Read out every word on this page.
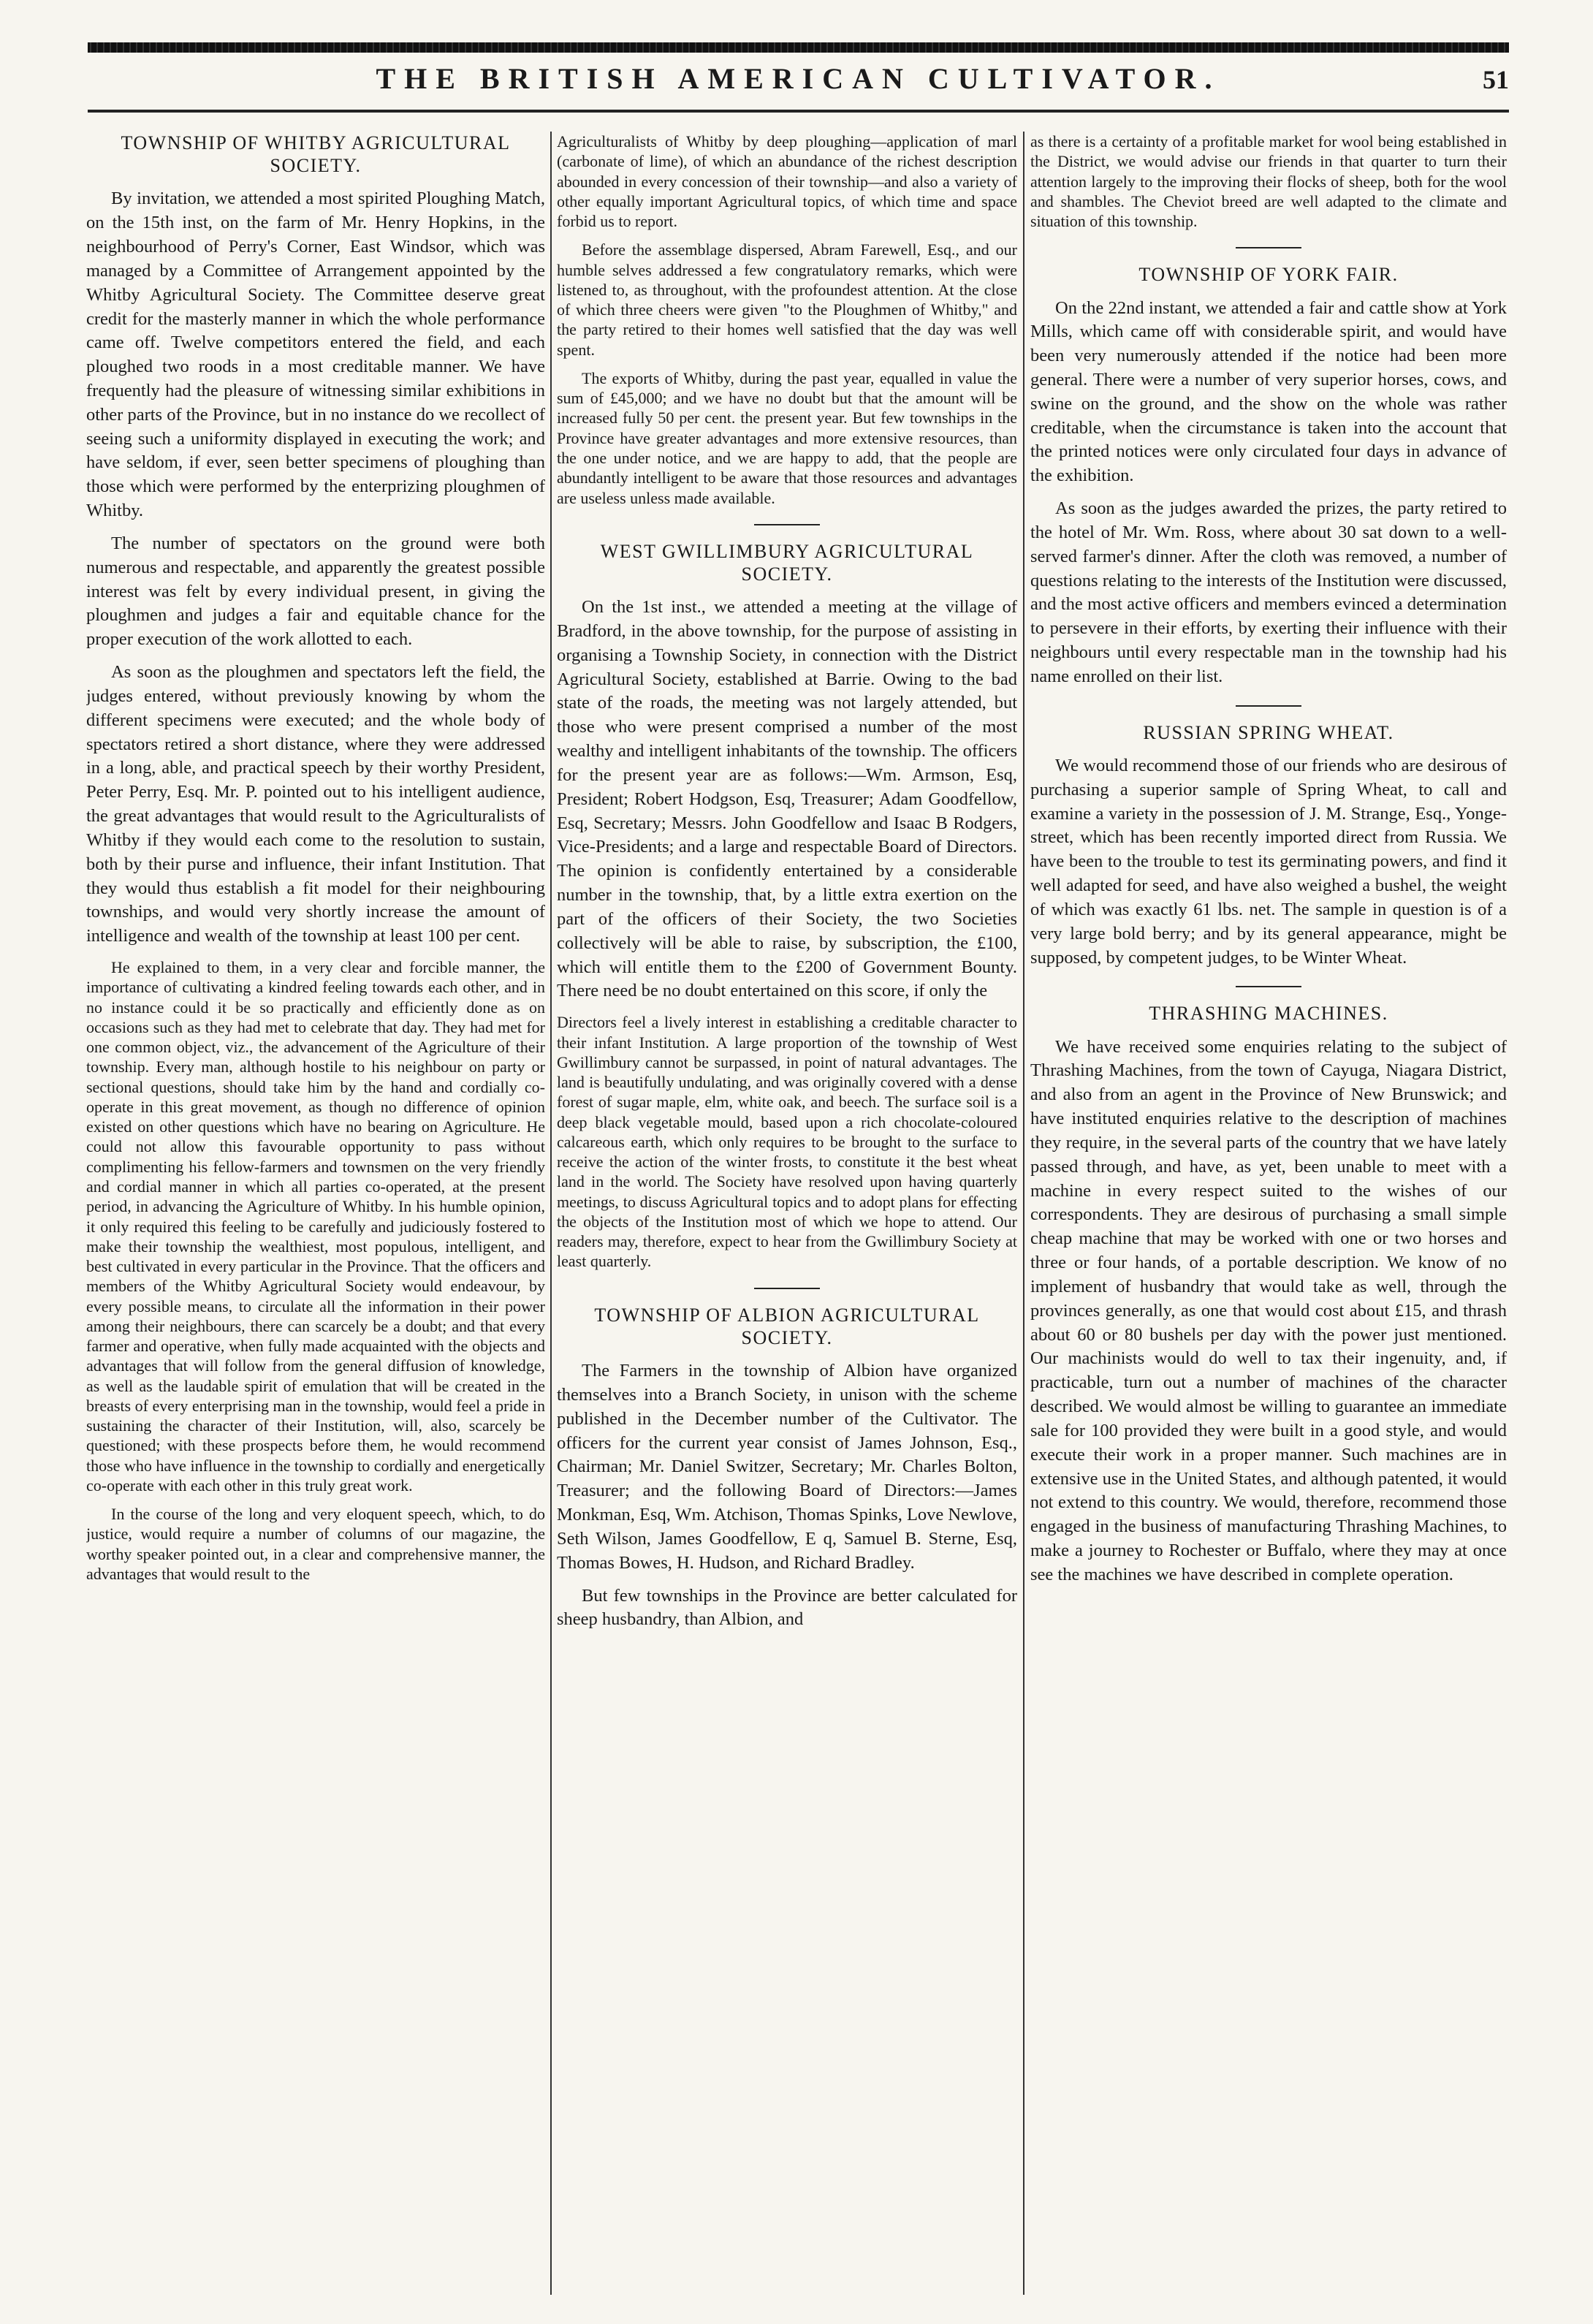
THE BRITISH AMERICAN CULTIVATOR.	51
TOWNSHIP OF WHITBY AGRICULTURAL SOCIETY.

By invitation, we attended a most spirited Ploughing Match, on the 15th inst, on the farm of Mr. Henry Hopkins, in the neighbourhood of Perry's Corner, East Windsor, which was managed by a Committee of Arrangement appointed by the Whitby Agricultural Society. The Committee deserve great credit for the masterly manner in which the whole performance came off. Twelve competitors entered the field, and each ploughed two roods in a most creditable manner. We have frequently had the pleasure of witnessing similar exhibitions in other parts of the Province, but in no instance do we recollect of seeing such a uniformity displayed in executing the work; and have seldom, if ever, seen better specimens of ploughing than those which were performed by the enterprizing ploughmen of Whitby.

The number of spectators on the ground were both numerous and respectable, and apparently the greatest possible interest was felt by every individual present, in giving the ploughmen and judges a fair and equitable chance for the proper execution of the work allotted to each.

As soon as the ploughmen and spectators left the field, the judges entered, without previously knowing by whom the different specimens were executed; and the whole body of spectators retired a short distance, where they were addressed in a long, able, and practical speech by their worthy President, Peter Perry, Esq. Mr. P. pointed out to his intelligent audience, the great advantages that would result to the Agriculturalists of Whitby if they would each come to the resolution to sustain, both by their purse and influence, their infant Institution. That they would thus establish a fit model for their neighbouring townships, and would very shortly increase the amount of intelligence and wealth of the township at least 100 per cent.

He explained to them, in a very clear and forcible manner, the importance of cultivating a kindred feeling towards each other, and in no instance could it be so practically and efficiently done as on occasions such as they had met to celebrate that day. They had met for one common object, viz., the advancement of the Agriculture of their township. Every man, although hostile to his neighbour on party or sectional questions, should take him by the hand and cordially co-operate in this great movement, as though no difference of opinion existed on other questions which have no bearing on Agriculture. He could not allow this favourable opportunity to pass without complimenting his fellow-farmers and townsmen on the very friendly and cordial manner in which all parties co-operated, at the present period, in advancing the Agriculture of Whitby. In his humble opinion, it only required this feeling to be carefully and judiciously fostered to make their township the wealthiest, most populous, intelligent, and best cultivated in every particular in the Province. That the officers and members of the Whitby Agricultural Society would endeavour, by every possible means, to circulate all the information in their power among their neighbours, there can scarcely be a doubt; and that every farmer and operative, when fully made acquainted with the objects and advantages that will follow from the general diffusion of knowledge, as well as the laudable spirit of emulation that will be created in the breasts of every enterprising man in the township, would feel a pride in sustaining the character of their Institution, will, also, scarcely be questioned; with these prospects before them, he would recommend those who have influence in the township to cordially and energetically co-operate with each other in this truly great work.

In the course of the long and very eloquent speech, which, to do justice, would require a number of columns of our magazine, the worthy speaker pointed out, in a clear and comprehensive manner, the advantages that would result to the

Agriculturalists of Whitby by deep ploughing—application of marl (carbonate of lime), of which an abundance of the richest description abounded in every concession of their township—and also a variety of other equally important Agricultural topics, of which time and space forbid us to report.

Before the assemblage dispersed, Abram Farewell, Esq., and our humble selves addressed a few congratulatory remarks, which were listened to, as throughout, with the profoundest attention. At the close of which three cheers were given "to the Ploughmen of Whitby," and the party retired to their homes well satisfied that the day was well spent.

The exports of Whitby, during the past year, equalled in value the sum of £45,000; and we have no doubt but that the amount will be increased fully 50 per cent. the present year. But few townships in the Province have greater advantages and more extensive resources, than the one under notice, and we are happy to add, that the people are abundantly intelligent to be aware that those resources and advantages are useless unless made available.

WEST GWILLIMBURY AGRICULTURAL SOCIETY.

On the 1st inst., we attended a meeting at the village of Bradford, in the above township, for the purpose of assisting in organising a Township Society, in connection with the District Agricultural Society, established at Barrie. Owing to the bad state of the roads, the meeting was not largely attended, but those who were present comprised a number of the most wealthy and intelligent inhabitants of the township. The officers for the present year are as follows:—Wm. Armson, Esq, President; Robert Hodgson, Esq, Treasurer; Adam Goodfellow, Esq, Secretary; Messrs. John Goodfellow and Isaac B Rodgers, Vice-Presidents; and a large and respectable Board of Directors. The opinion is confidently entertained by a considerable number in the township, that, by a little extra exertion on the part of the officers of their Society, the two Societies collectively will be able to raise, by subscription, the £100, which will entitle them to the £200 of Government Bounty. There need be no doubt entertained on this score, if only the

Directors feel a lively interest in establishing a creditable character to their infant Institution. A large proportion of the township of West Gwillimbury cannot be surpassed, in point of natural advantages. The land is beautifully undulating, and was originally covered with a dense forest of sugar maple, elm, white oak, and beech. The surface soil is a deep black vegetable mould, based upon a rich chocolate-coloured calcareous earth, which only requires to be brought to the surface to receive the action of the winter frosts, to constitute it the best wheat land in the world. The Society have resolved upon having quarterly meetings, to discuss Agricultural topics and to adopt plans for effecting the objects of the Institution most of which we hope to attend. Our readers may, therefore, expect to hear from the Gwillimbury Society at least quarterly.

TOWNSHIP OF ALBION AGRICULTURAL SOCIETY.

The Farmers in the township of Albion have organized themselves into a Branch Society, in unison with the scheme published in the December number of the Cultivator. The officers for the current year consist of James Johnson, Esq., Chairman; Mr. Daniel Switzer, Secretary; Mr. Charles Bolton, Treasurer; and the following Board of Directors:—James Monkman, Esq, Wm. Atchison, Thomas Spinks, Love Newlove, Seth Wilson, James Goodfellow, E q, Samuel B. Sterne, Esq, Thomas Bowes, H. Hudson, and Richard Bradley.

But few townships in the Province are better calculated for sheep husbandry, than Albion, and

as there is a certainty of a profitable market for wool being established in the District, we would advise our friends in that quarter to turn their attention largely to the improving their flocks of sheep, both for the wool and shambles. The Cheviot breed are well adapted to the climate and situation of this township.

TOWNSHIP OF YORK FAIR.

On the 22nd instant, we attended a fair and cattle show at York Mills, which came off with considerable spirit, and would have been very numerously attended if the notice had been more general. There were a number of very superior horses, cows, and swine on the ground, and the show on the whole was rather creditable, when the circumstance is taken into the account that the printed notices were only circulated four days in advance of the exhibition.

As soon as the judges awarded the prizes, the party retired to the hotel of Mr. Wm. Ross, where about 30 sat down to a well-served farmer's dinner. After the cloth was removed, a number of questions relating to the interests of the Institution were discussed, and the most active officers and members evinced a determination to persevere in their efforts, by exerting their influence with their neighbours until every respectable man in the township had his name enrolled on their list.

RUSSIAN SPRING WHEAT.

We would recommend those of our friends who are desirous of purchasing a superior sample of Spring Wheat, to call and examine a variety in the possession of J. M. Strange, Esq., Yonge-street, which has been recently imported direct from Russia. We have been to the trouble to test its germinating powers, and find it well adapted for seed, and have also weighed a bushel, the weight of which was exactly 61 lbs. net. The sample in question is of a very large bold berry; and by its general appearance, might be supposed, by competent judges, to be Winter Wheat.

THRASHING MACHINES.

We have received some enquiries relating to the subject of Thrashing Machines, from the town of Cayuga, Niagara District, and also from an agent in the Province of New Brunswick; and have instituted enquiries relative to the description of machines they require, in the several parts of the country that we have lately passed through, and have, as yet, been unable to meet with a machine in every respect suited to the wishes of our correspondents. They are desirous of purchasing a small simple cheap machine that may be worked with one or two horses and three or four hands, of a portable description. We know of no implement of husbandry that would take as well, through the provinces generally, as one that would cost about £15, and thrash about 60 or 80 bushels per day with the power just mentioned. Our machinists would do well to tax their ingenuity, and, if practicable, turn out a number of machines of the character described. We would almost be willing to guarantee an immediate sale for 100 provided they were built in a good style, and would execute their work in a proper manner. Such machines are in extensive use in the United States, and although patented, it would not extend to this country. We would, therefore, recommend those engaged in the business of manufacturing Thrashing Machines, to make a journey to Rochester or Buffalo, where they may at once see the machines we have described in complete operation.
